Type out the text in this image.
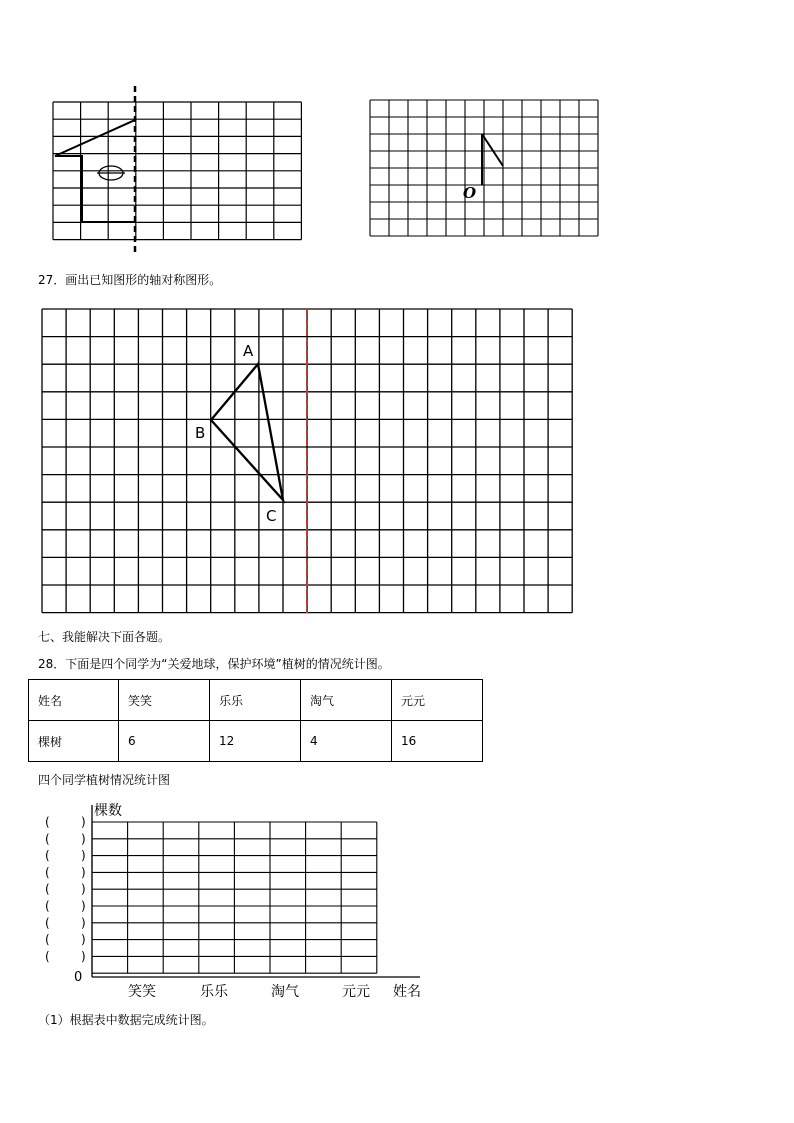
O
27．画出已知图形的轴对称图形。
A
B
C
七、我能解决下面各题。
28．下面是四个同学为“关爱地球，保护环境”植树的情况统计图。
姓名	笑笑	乐乐	淘气	元元
棵树	6	12	4	16
四个同学植树情况统计图
棵数
0
姓名
(	)
(	)
(	)
(	)
(	)
(	)
(	)
(	)
(	)
笑笑	乐乐	淘气	元元
（1）根据表中数据完成统计图。
